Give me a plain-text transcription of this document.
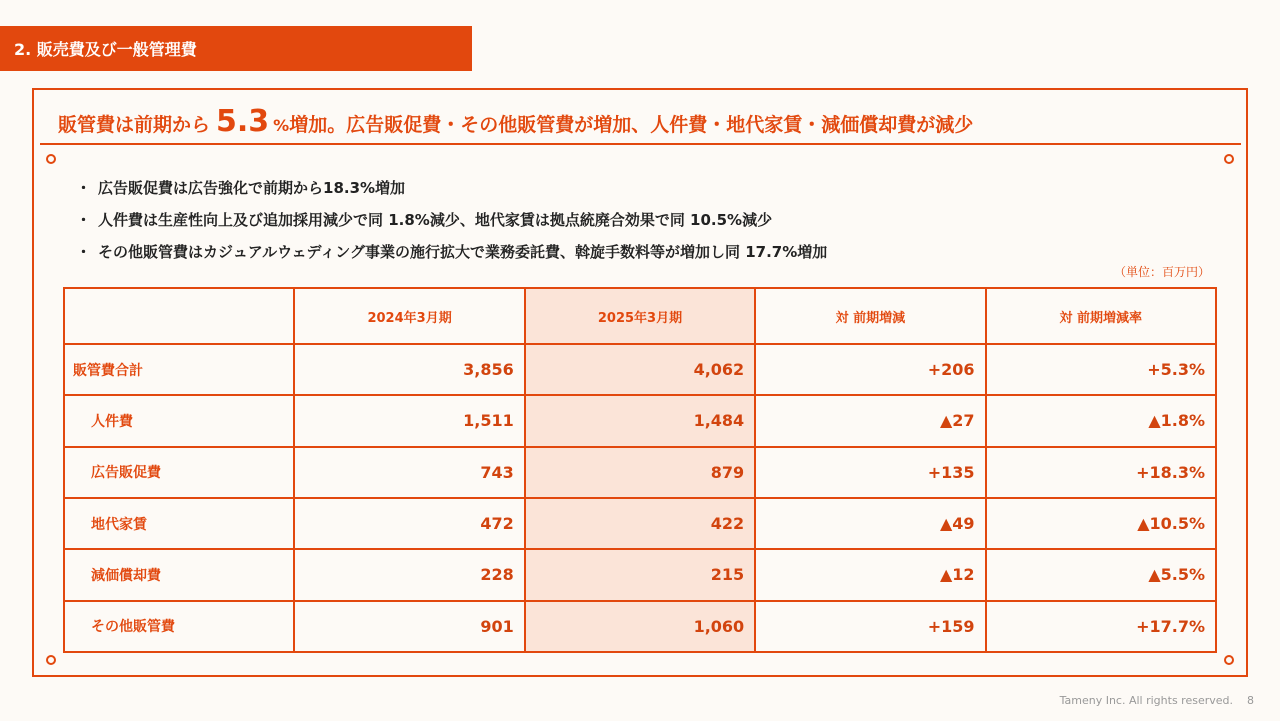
2. 販売費及び一般管理費
販管費は前期から 5.3 % 増加。広告販促費・その他販管費が増加、人件費・地代家賃・減価償却費が減少
・ 広告販促費は広告強化で前期から18.3%増加
・ 人件費は生産性向上及び追加採用減少で同 1.8%減少、地代家賃は拠点統廃合効果で同 10.5%減少
・ その他販管費はカジュアルウェディング事業の施行拡大で業務委託費、斡旋手数料等が増加し同 17.7%増加
（単位：百万円）
	2024年3月期	2025年3月期	対 前期増減	対 前期増減率
販管費合計	3,856	4,062	+206	+5.3%
人件費	1,511	1,484	▲27	▲1.8%
広告販促費	743	879	+135	+18.3%
地代家賃	472	422	▲49	▲10.5%
減価償却費	228	215	▲12	▲5.5%
その他販管費	901	1,060	+159	+17.7%
Tameny Inc. All rights reserved. 8
